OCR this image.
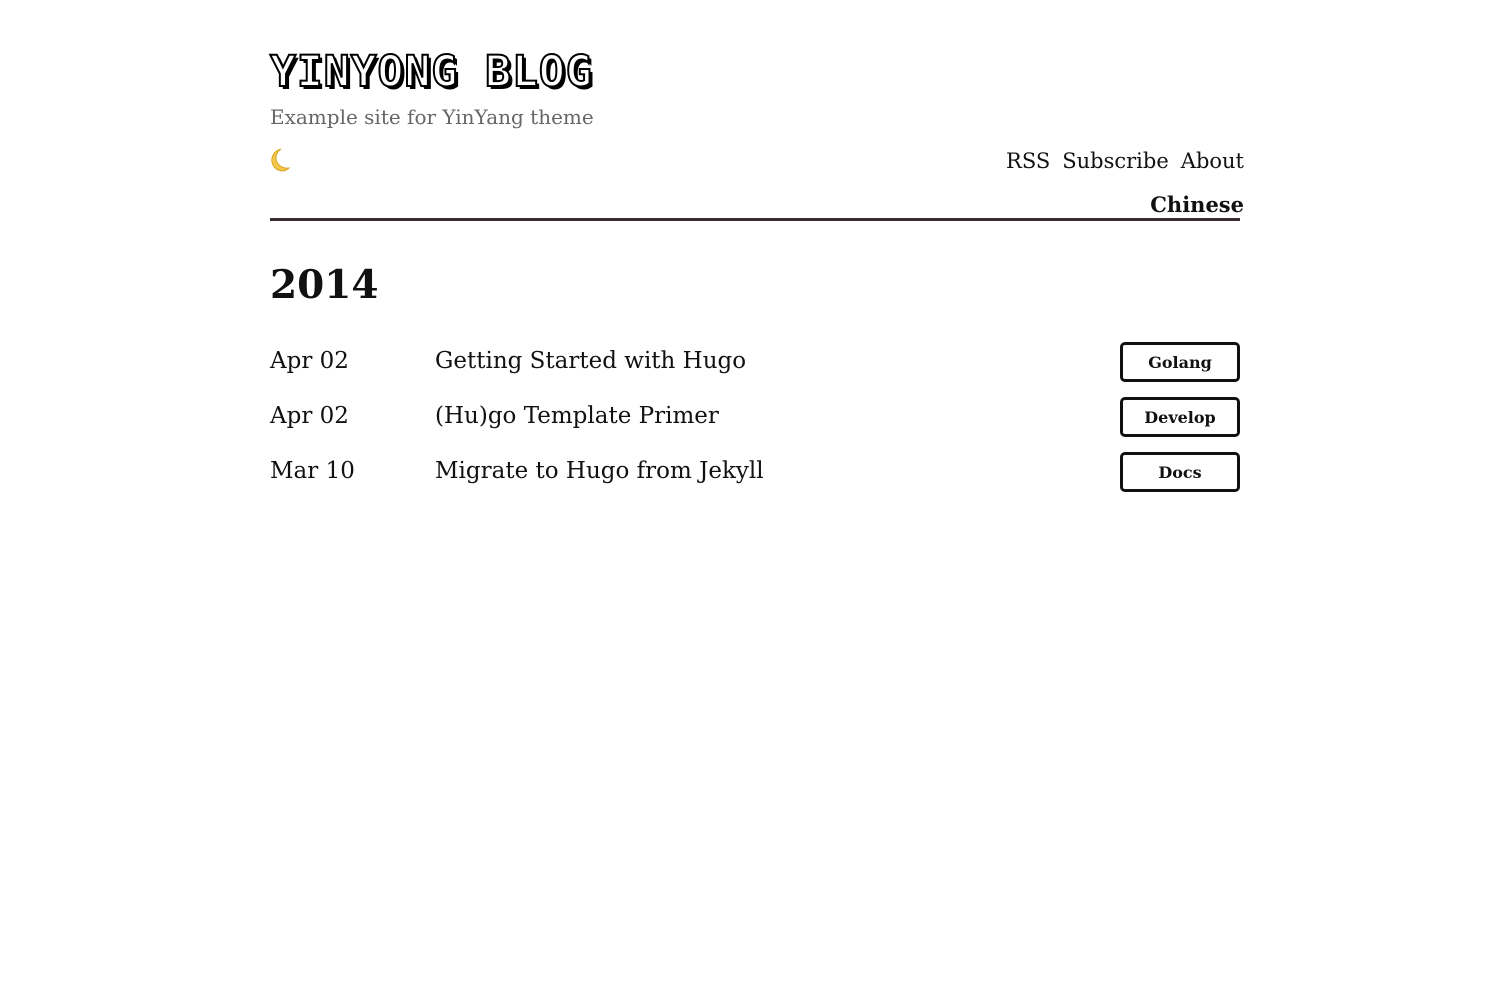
YINYONG BLOG
Example site for YinYang theme
RSS Subscribe About
Chinese
2014
Apr 02	Getting Started with Hugo	Golang
Apr 02	(Hu)go Template Primer	Develop
Mar 10	Migrate to Hugo from Jekyll	Docs
